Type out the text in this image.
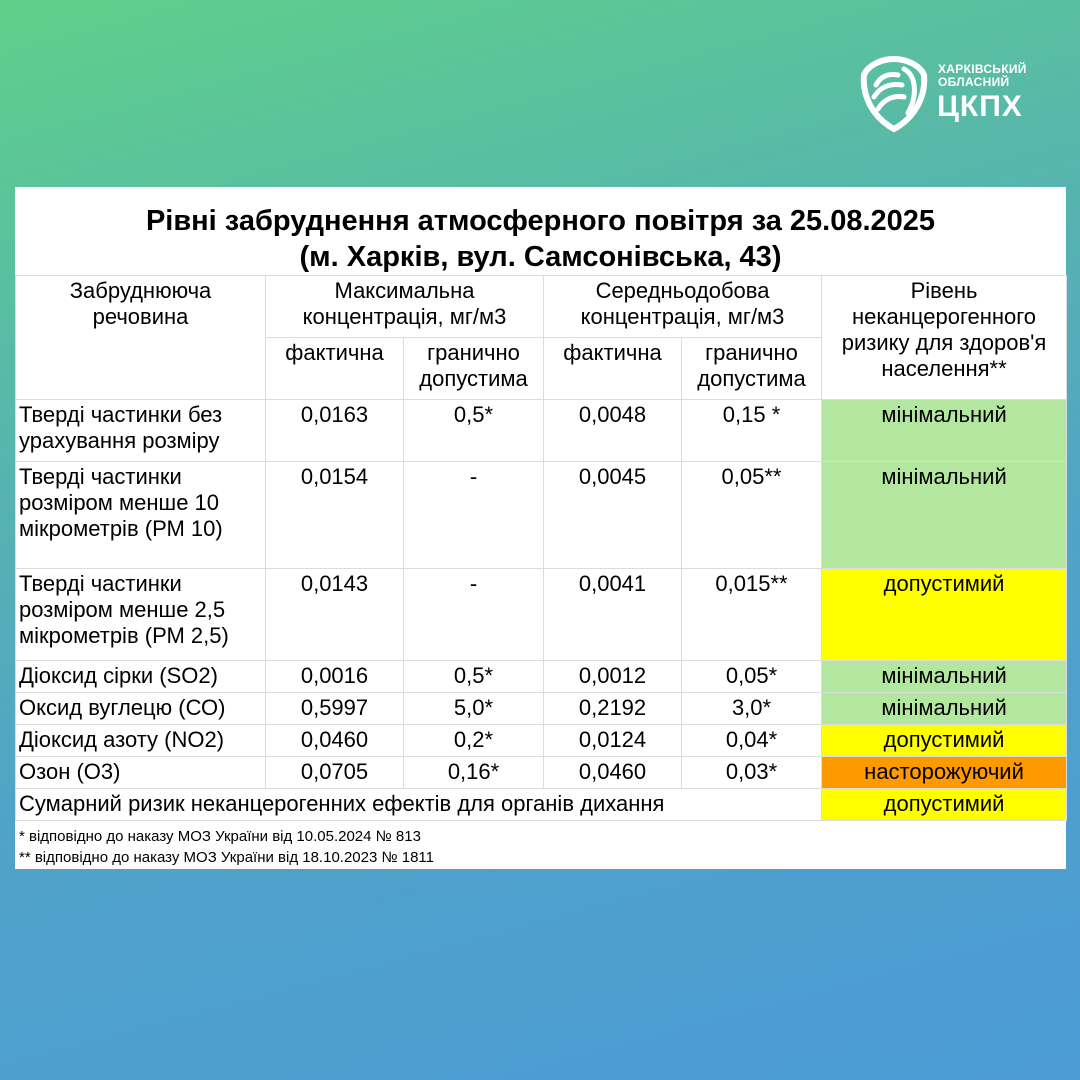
ХАРКІВСЬКИЙ
ОБЛАСНИЙ
ЦКПХ
Рівні забруднення атмосферного повітря за 25.08.2025
(м. Харків, вул. Самсонівська, 43)
Забруднююча речовина	Максимальна концентрація, мг/м3		Середньодобова концентрація, мг/м3		Рівень неканцерогенного ризику для здоров'я населення**
	фактична	гранично допустима	фактична	гранично допустима	
Тверді частинки без урахування розміру	0,0163	0,5*	0,0048	0,15 *	мінімальний
Тверді частинки розміром менше 10 мікрометрів (РМ 10)	0,0154	-	0,0045	0,05**	мінімальний
Тверді частинки розміром менше 2,5 мікрометрів (РМ 2,5)	0,0143	-	0,0041	0,015**	допустимий
Діоксид сірки (SO2)	0,0016	0,5*	0,0012	0,05*	мінімальний
Оксид вуглецю (СО)	0,5997	5,0*	0,2192	3,0*	мінімальний
Діоксид азоту (NO2)	0,0460	0,2*	0,0124	0,04*	допустимий
Озон (О3)	0,0705	0,16*	0,0460	0,03*	насторожуючий
Сумарний ризик неканцерогенних ефектів для органів дихання					допустимий
* відповідно до наказу МОЗ України від 10.05.2024 № 813
** відповідно до наказу МОЗ України від 18.10.2023 № 1811
